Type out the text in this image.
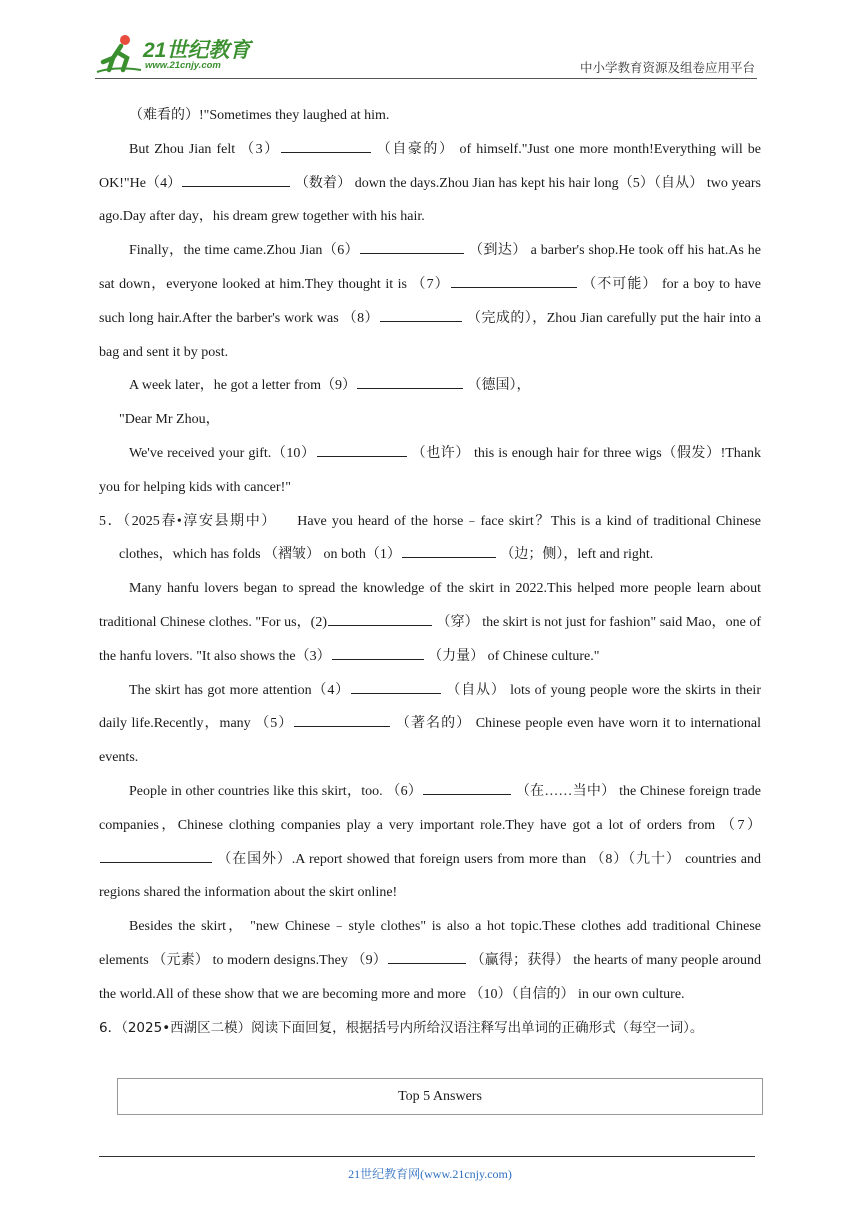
21世纪教育
www.21cnjy.com	中小学教育资源及组卷应用平台

（难看的）!"Sometimes they laughed at him.

But Zhou Jian felt （3）	（自豪的） of himself."Just one more month!Everything will be OK!"He（4）	（数着） down the days.Zhou Jian has kept his hair long（5）（自从） two years ago.Day after day，his dream grew together with his hair.

Finally，the time came.Zhou Jian（6）	（到达） a barber's shop.He took off his hat.As he sat down，everyone looked at him.They thought it is （7）	（不可能） for a boy to have such long hair.After the barber's work was （8）	（完成的），Zhou Jian carefully put the hair into a bag and sent it by post.

A week later，he got a letter from（9）	（德国），

"Dear Mr Zhou，

We've received your gift.（10）	（也许） this is enough hair for three wigs（假发）!Thank you for helping kids with cancer!"

5．（2025春•淳安县期中） Have you heard of the horse﹣face skirt？This is a kind of traditional Chinese clothes，which has folds （褶皱） on both（1）	（边；侧），left and right.

Many hanfu lovers began to spread the knowledge of the skirt in 2022.This helped more people learn about traditional Chinese clothes. "For us，(2)	（穿） the skirt is not just for fashion" said Mao，one of the hanfu lovers. "It also shows the（3）	（力量） of Chinese culture."

The skirt has got more attention（4）	（自从） lots of young people wore the skirts in their daily life.Recently，many （5）	（著名的） Chinese people even have worn it to international events.

People in other countries like this skirt，too. （6）	（在……当中） the Chinese foreign trade companies，Chinese clothing companies play a very important role.They have got a lot of orders from （7） （在国外）.A report showed that foreign users from more than （8）（九十） countries and regions shared the information about the skirt online!

Besides the skirt， "new Chinese﹣style clothes" is also a hot topic.These clothes add traditional Chinese elements （元素） to modern designs.They （9）	（赢得；获得） the hearts of many people around the world.All of these show that we are becoming more and more （10）（自信的） in our own culture.

6．（2025•西湖区二模）阅读下面回复，根据括号内所给汉语注释写出单词的正确形式（每空一词）。

Top 5 Answers
21世纪教育网(www.21cnjy.com)
